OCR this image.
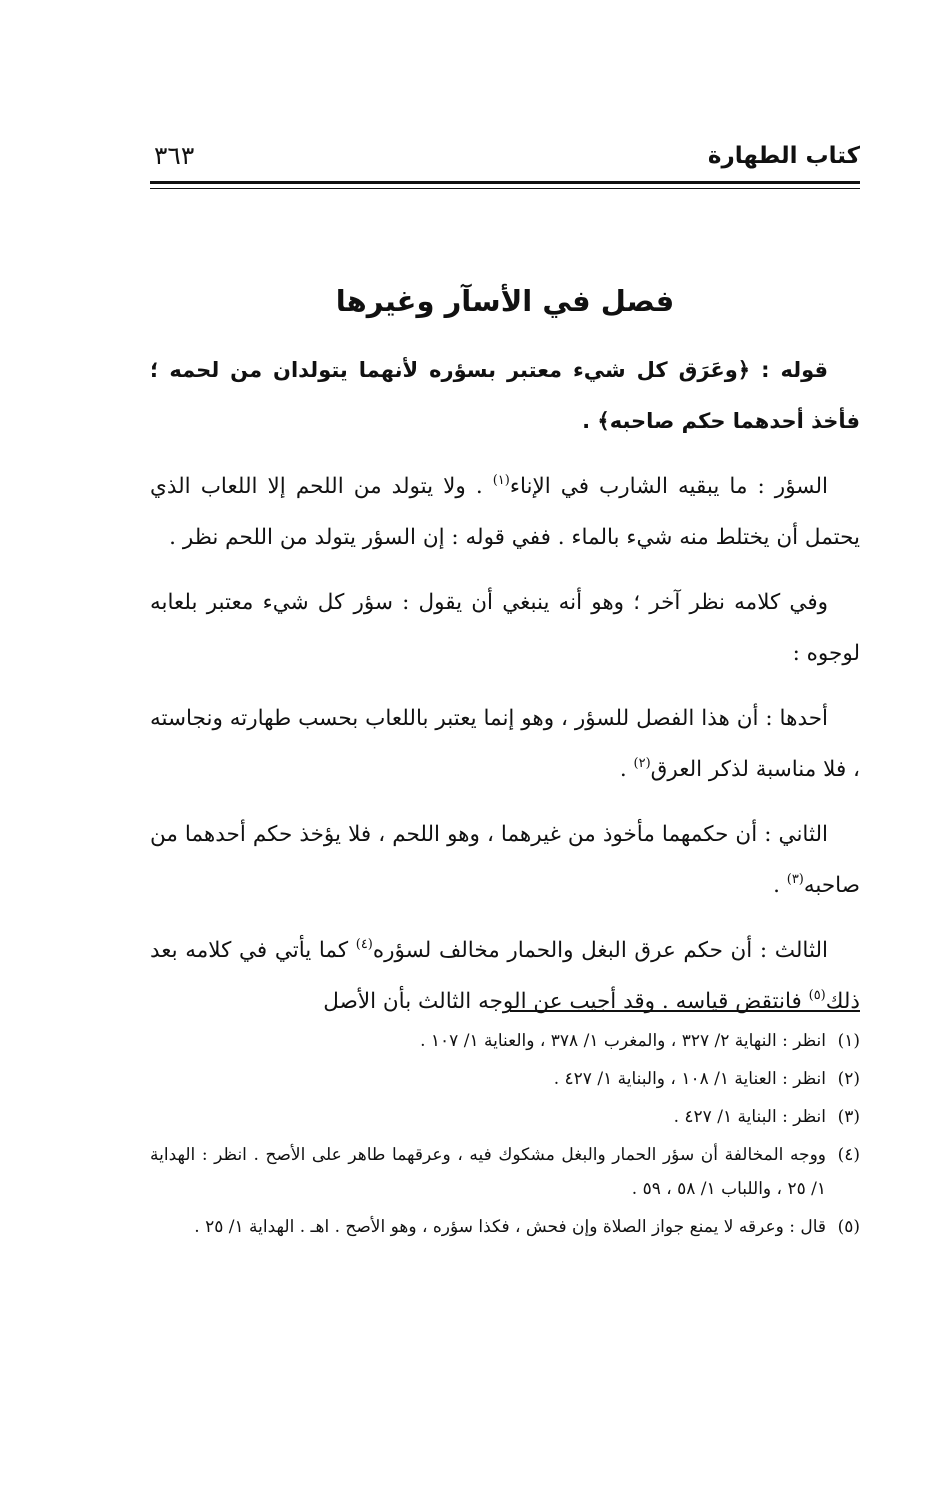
كتاب الطهارة
٣٦٣
فصل في الأسآر وغيرها

قوله : ﴿وعَرَق كل شيء معتبر بسؤره لأنهما يتولدان من لحمه ؛ فأخذ أحدهما حكم صاحبه﴾ .

السؤر : ما يبقيه الشارب في الإناء$^{(١)}$ . ولا يتولد من اللحم إلا اللعاب الذي يحتمل أن يختلط منه شيء بالماء . ففي قوله : إن السؤر يتولد من اللحم نظر .

وفي كلامه نظر آخر ؛ وهو أنه ينبغي أن يقول : سؤر كل شيء معتبر بلعابه لوجوه :

أحدها : أن هذا الفصل للسؤر ، وهو إنما يعتبر باللعاب بحسب طهارته ونجاسته ، فلا مناسبة لذكر العرق$^{(٢)}$ .

الثاني : أن حكمهما مأخوذ من غيرهما ، وهو اللحم ، فلا يؤخذ حكم أحدهما من صاحبه$^{(٣)}$ .

الثالث : أن حكم عرق البغل والحمار مخالف لسؤره$^{(٤)}$ كما يأتي في كلامه بعد ذلك$^{(٥)}$ فانتقض قياسه . وقد أجيب عن الوجه الثالث بأن الأصل

(١)
انظر : النهاية ٢/ ٣٢٧ ، والمغرب ١/ ٣٧٨ ، والعناية ١/ ١٠٧ .
(٢)
انظر : العناية ١/ ١٠٨ ، والبناية ١/ ٤٢٧ .
(٣)
انظر : البناية ١/ ٤٢٧ .
(٤)
ووجه المخالفة أن سؤر الحمار والبغل مشكوك فيه ، وعرقهما طاهر على الأصح . انظر : الهداية ١/ ٢٥ ، واللباب ١/ ٥٨ ، ٥٩ .
(٥)
قال : وعرقه لا يمنع جواز الصلاة وإن فحش ، فكذا سؤره ، وهو الأصح . اهـ . الهداية ١/ ٢٥ .
